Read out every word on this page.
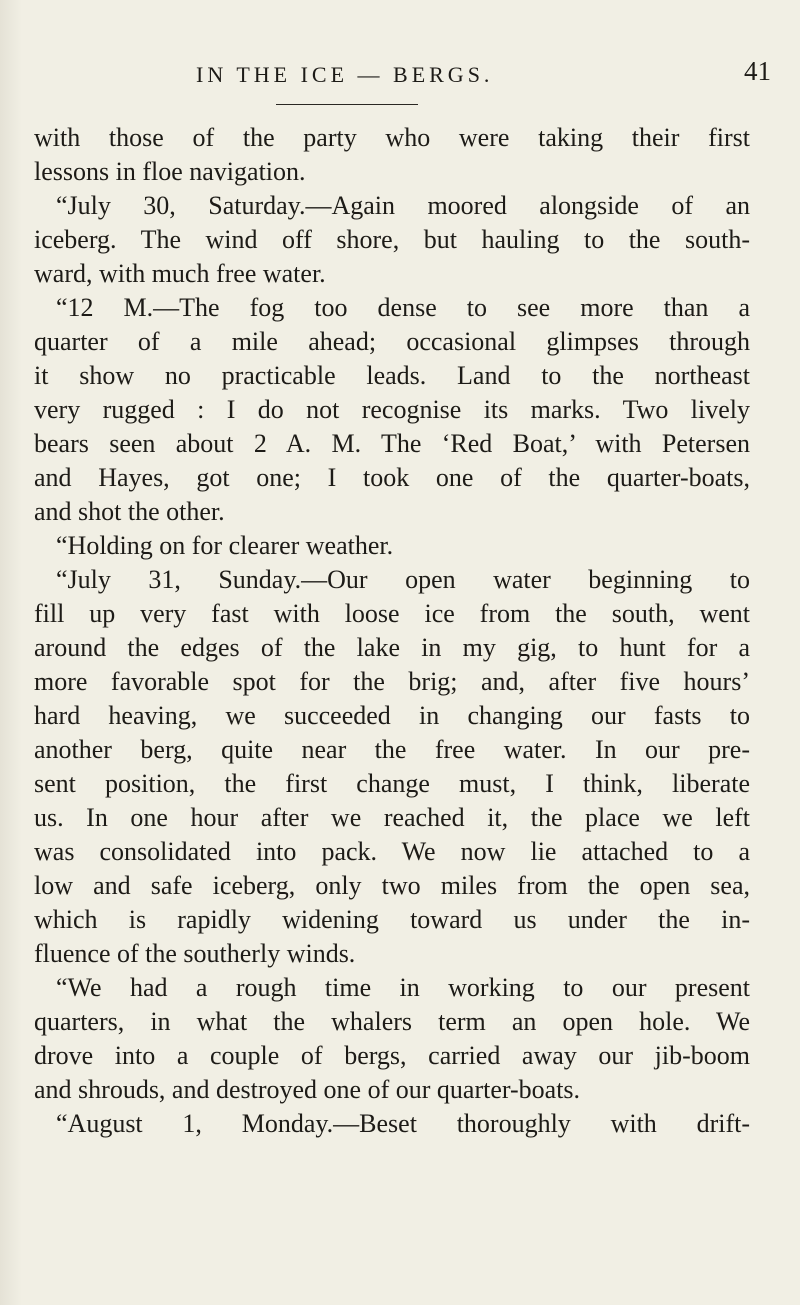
IN THE ICE — BERGS.	41
with those of the party who were taking their first
lessons in floe navigation.
“July 30, Saturday.—Again moored alongside of an
iceberg. The wind off shore, but hauling to the south-
ward, with much free water.
“12 M.—The fog too dense to see more than a
quarter of a mile ahead; occasional glimpses through
it show no practicable leads. Land to the northeast
very rugged : I do not recognise its marks. Two lively
bears seen about 2 A. M. The ‘Red Boat,’ with Petersen
and Hayes, got one; I took one of the quarter-boats,
and shot the other.
“Holding on for clearer weather.
“July 31, Sunday.—Our open water beginning to
fill up very fast with loose ice from the south, went
around the edges of the lake in my gig, to hunt for a
more favorable spot for the brig; and, after five hours’
hard heaving, we succeeded in changing our fasts to
another berg, quite near the free water. In our pre-
sent position, the first change must, I think, liberate
us. In one hour after we reached it, the place we left
was consolidated into pack. We now lie attached to a
low and safe iceberg, only two miles from the open sea,
which is rapidly widening toward us under the in-
fluence of the southerly winds.
“We had a rough time in working to our present
quarters, in what the whalers term an open hole. We
drove into a couple of bergs, carried away our jib-boom
and shrouds, and destroyed one of our quarter-boats.
“August 1, Monday.—Beset thoroughly with drift-
